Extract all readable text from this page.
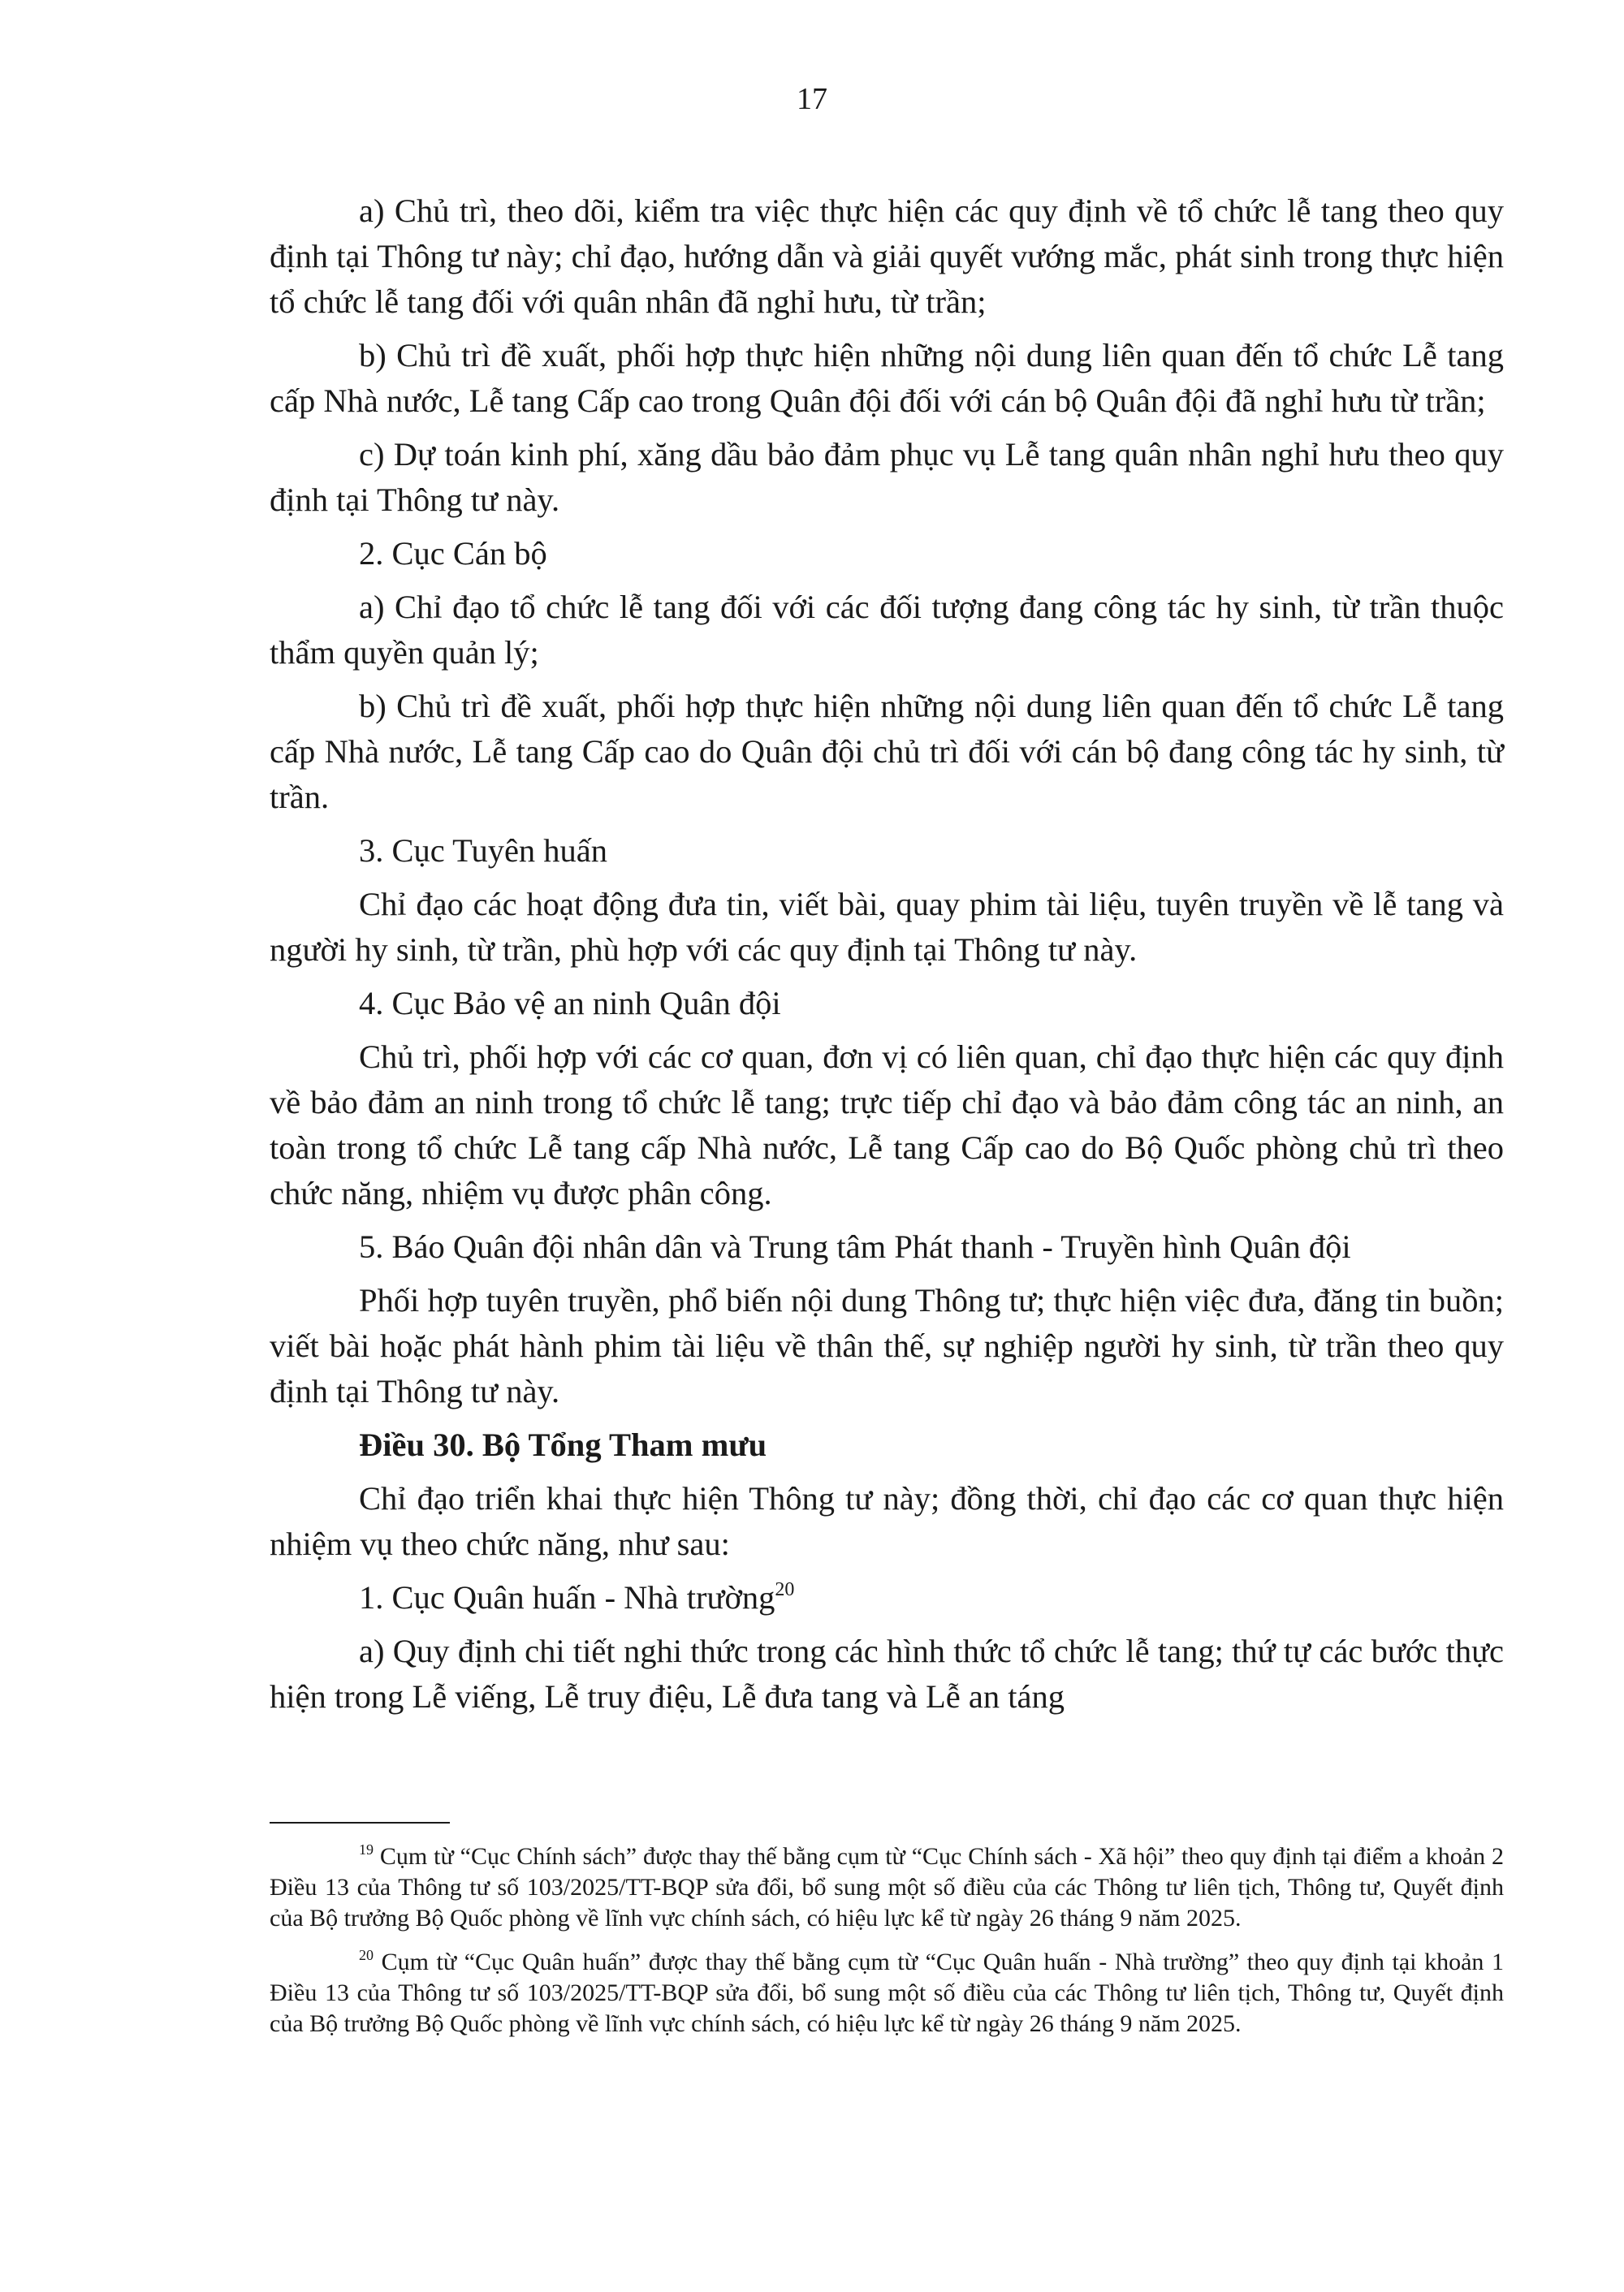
17

a) Chủ trì, theo dõi, kiểm tra việc thực hiện các quy định về tổ chức lễ tang theo quy định tại Thông tư này; chỉ đạo, hướng dẫn và giải quyết vướng mắc, phát sinh trong thực hiện tổ chức lễ tang đối với quân nhân đã nghỉ hưu, từ trần;

b) Chủ trì đề xuất, phối hợp thực hiện những nội dung liên quan đến tổ chức Lễ tang cấp Nhà nước, Lễ tang Cấp cao trong Quân đội đối với cán bộ Quân đội đã nghỉ hưu từ trần;

c) Dự toán kinh phí, xăng dầu bảo đảm phục vụ Lễ tang quân nhân nghỉ hưu theo quy định tại Thông tư này.

2. Cục Cán bộ

a) Chỉ đạo tổ chức lễ tang đối với các đối tượng đang công tác hy sinh, từ trần thuộc thẩm quyền quản lý;

b) Chủ trì đề xuất, phối hợp thực hiện những nội dung liên quan đến tổ chức Lễ tang cấp Nhà nước, Lễ tang Cấp cao do Quân đội chủ trì đối với cán bộ đang công tác hy sinh, từ trần.

3. Cục Tuyên huấn

Chỉ đạo các hoạt động đưa tin, viết bài, quay phim tài liệu, tuyên truyền về lễ tang và người hy sinh, từ trần, phù hợp với các quy định tại Thông tư này.

4. Cục Bảo vệ an ninh Quân đội

Chủ trì, phối hợp với các cơ quan, đơn vị có liên quan, chỉ đạo thực hiện các quy định về bảo đảm an ninh trong tổ chức lễ tang; trực tiếp chỉ đạo và bảo đảm công tác an ninh, an toàn trong tổ chức Lễ tang cấp Nhà nước, Lễ tang Cấp cao do Bộ Quốc phòng chủ trì theo chức năng, nhiệm vụ được phân công.

5. Báo Quân đội nhân dân và Trung tâm Phát thanh - Truyền hình Quân đội

Phối hợp tuyên truyền, phổ biến nội dung Thông tư; thực hiện việc đưa, đăng tin buồn; viết bài hoặc phát hành phim tài liệu về thân thế, sự nghiệp người hy sinh, từ trần theo quy định tại Thông tư này.

Điều 30. Bộ Tổng Tham mưu

Chỉ đạo triển khai thực hiện Thông tư này; đồng thời, chỉ đạo các cơ quan thực hiện nhiệm vụ theo chức năng, như sau:

1. Cục Quân huấn - Nhà trường$^{20}$

a) Quy định chi tiết nghi thức trong các hình thức tổ chức lễ tang; thứ tự các bước thực hiện trong Lễ viếng, Lễ truy điệu, Lễ đưa tang và Lễ an táng

$^{19}$ Cụm từ “Cục Chính sách” được thay thế bằng cụm từ “Cục Chính sách - Xã hội” theo quy định tại điểm a khoản 2 Điều 13 của Thông tư số 103/2025/TT-BQP sửa đổi, bổ sung một số điều của các Thông tư liên tịch, Thông tư, Quyết định của Bộ trưởng Bộ Quốc phòng về lĩnh vực chính sách, có hiệu lực kể từ ngày 26 tháng 9 năm 2025.

$^{20}$ Cụm từ “Cục Quân huấn” được thay thế bằng cụm từ “Cục Quân huấn - Nhà trường” theo quy định tại khoản 1 Điều 13 của Thông tư số 103/2025/TT-BQP sửa đổi, bổ sung một số điều của các Thông tư liên tịch, Thông tư, Quyết định của Bộ trưởng Bộ Quốc phòng về lĩnh vực chính sách, có hiệu lực kể từ ngày 26 tháng 9 năm 2025.
